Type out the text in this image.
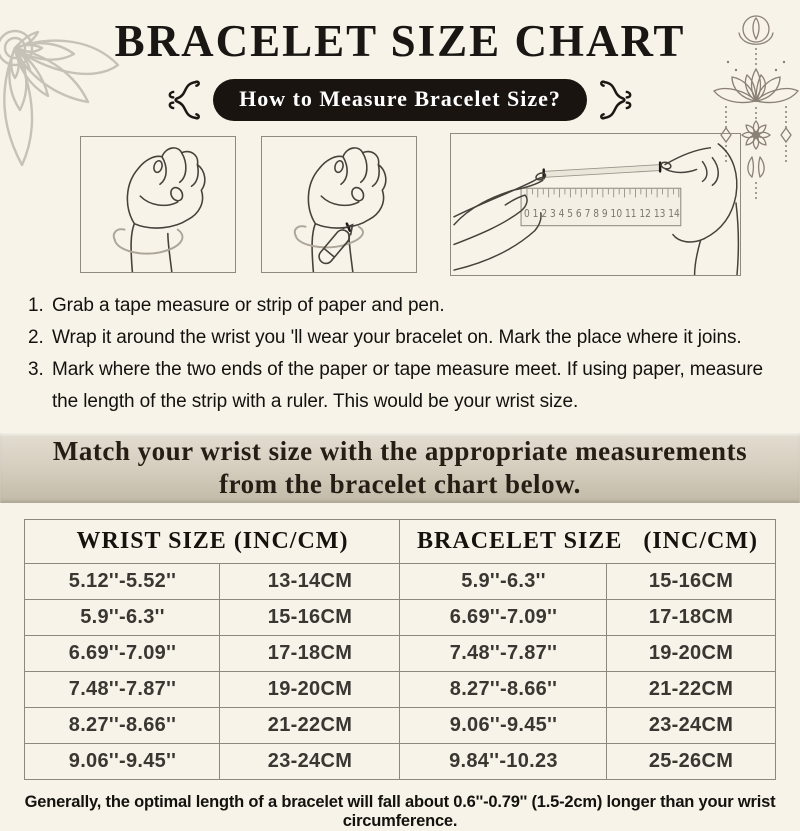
BRACELET SIZE CHART
How to Measure Bracelet Size?
0 1 2 3 4 5 6 7 8 9 10 11 12 13 14
1. Grab a tape measure or strip of paper and pen.
2. Wrap it around the wrist you 'll wear your bracelet on. Mark the place where it joins.
3. Mark where the two ends of the paper or tape measure meet. If using paper, measure the length of the strip with a ruler. This would be your wrist size.
Match your wrist size with the appropriate measurements from the bracelet chart below.
WRIST SIZE (INC/CM)		BRACELET SIZE   (INC/CM)	
5.12''-5.52''	13-14CM	5.9''-6.3''	15-16CM
5.9''-6.3''	15-16CM	6.69''-7.09''	17-18CM
6.69''-7.09''	17-18CM	7.48''-7.87''	19-20CM
7.48''-7.87''	19-20CM	8.27''-8.66''	21-22CM
8.27''-8.66''	21-22CM	9.06''-9.45''	23-24CM
9.06''-9.45''	23-24CM	9.84''-10.23	25-26CM
Generally, the optimal length of a bracelet will fall about 0.6''-0.79'' (1.5-2cm) longer than your wrist circumference.
